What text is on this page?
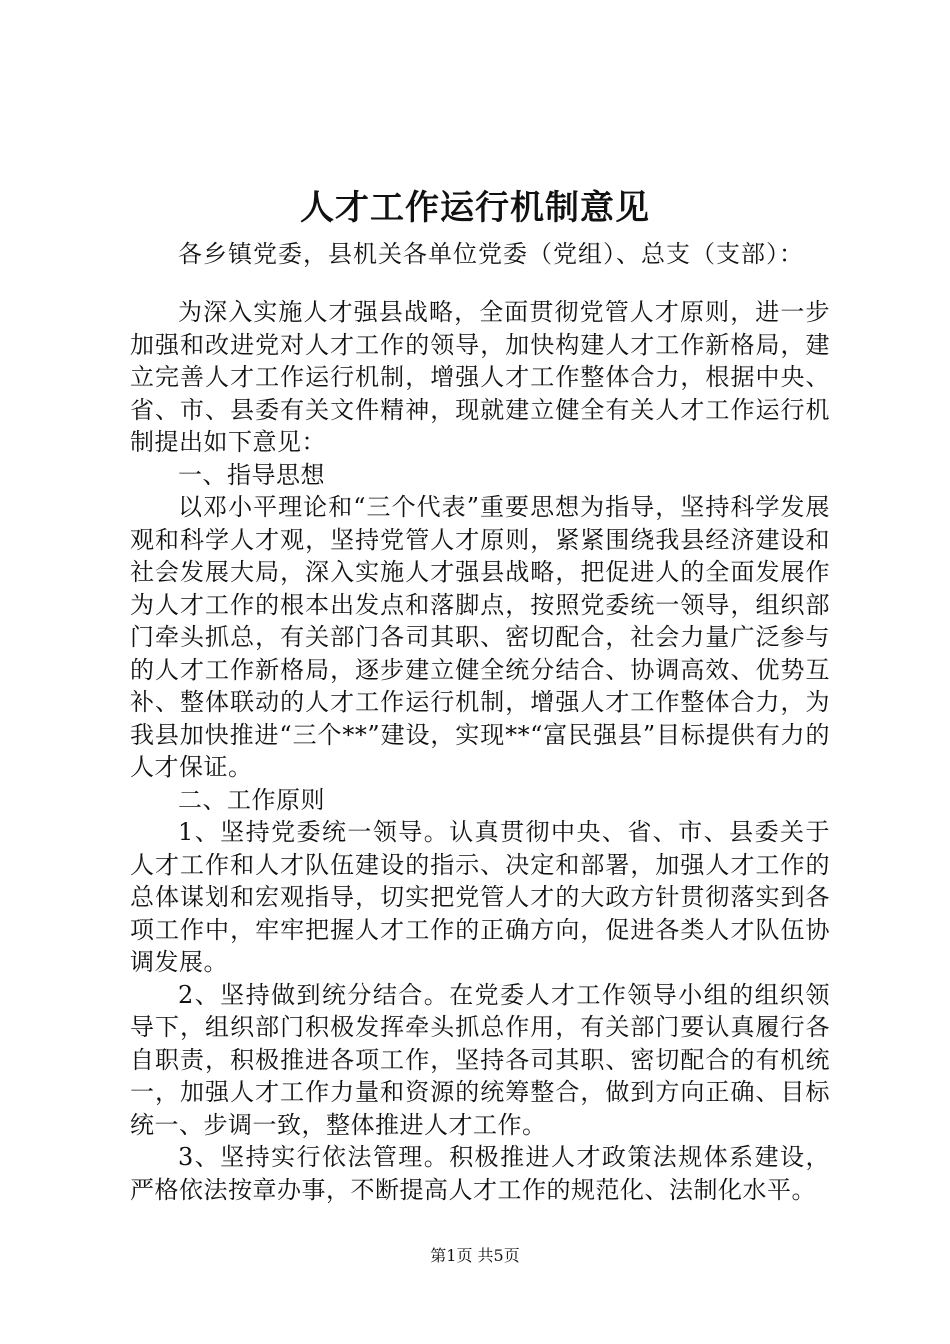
人才工作运行机制意见
各乡镇党委，县机关各单位党委（党组）、总支（支部）：

为深入实施人才强县战略，全面贯彻党管人才原则，进一步加强和改进党对人才工作的领导，加快构建人才工作新格局，建立完善人才工作运行机制，增强人才工作整体合力，根据中央、省、市、县委有关文件精神，现就建立健全有关人才工作运行机制提出如下意见：

一、指导思想

以邓小平理论和“三个代表”重要思想为指导，坚持科学发展观和科学人才观，坚持党管人才原则，紧紧围绕我县经济建设和社会发展大局，深入实施人才强县战略，把促进人的全面发展作为人才工作的根本出发点和落脚点，按照党委统一领导，组织部门牵头抓总，有关部门各司其职、密切配合，社会力量广泛参与的人才工作新格局，逐步建立健全统分结合、协调高效、优势互补、整体联动的人才工作运行机制，增强人才工作整体合力，为我县加快推进“三个**”建设，实现**“富民强县”目标提供有力的人才保证。

二、工作原则

1、坚持党委统一领导。认真贯彻中央、省、市、县委关于人才工作和人才队伍建设的指示、决定和部署，加强人才工作的总体谋划和宏观指导，切实把党管人才的大政方针贯彻落实到各项工作中，牢牢把握人才工作的正确方向，促进各类人才队伍协调发展。

2、坚持做到统分结合。在党委人才工作领导小组的组织领导下，组织部门积极发挥牵头抓总作用，有关部门要认真履行各自职责，积极推进各项工作，坚持各司其职、密切配合的有机统一，加强人才工作力量和资源的统筹整合，做到方向正确、目标统一、步调一致，整体推进人才工作。

3、坚持实行依法管理。积极推进人才政策法规体系建设，严格依法按章办事，不断提高人才工作的规范化、法制化水平。

第1页 共5页
